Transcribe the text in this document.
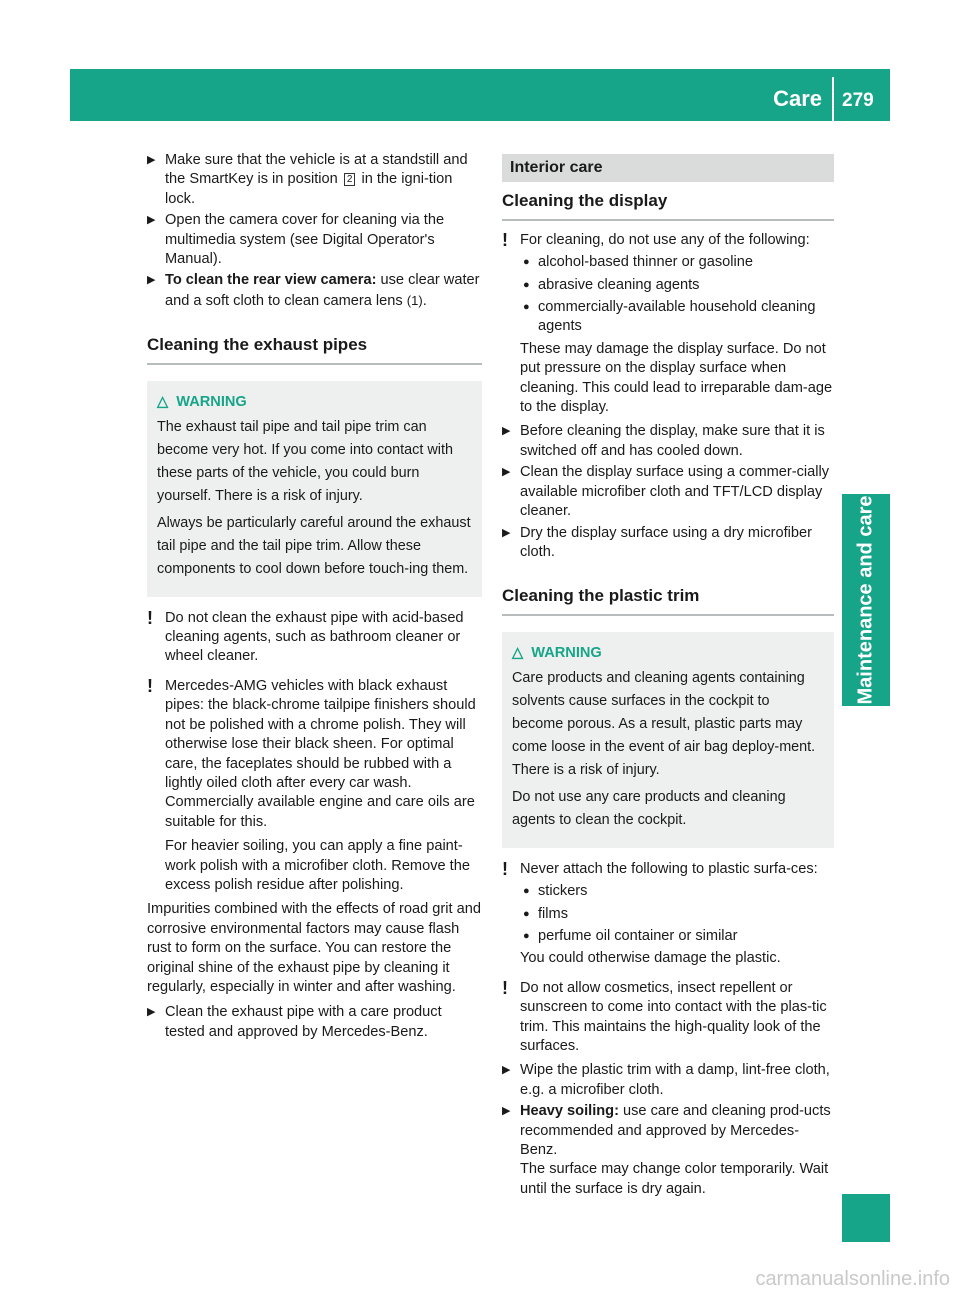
Care 279
Maintenance and care
▶ Make sure that the vehicle is at a standstill and the SmartKey is in position 2 in the igni-tion lock.
▶ Open the camera cover for cleaning via the multimedia system (see Digital Operator's Manual).
▶ To clean the rear view camera: use clear water and a soft cloth to clean camera lens (1).
Cleaning the exhaust pipes
△ WARNING

The exhaust tail pipe and tail pipe trim can become very hot. If you come into contact with these parts of the vehicle, you could burn yourself. There is a risk of injury.

Always be particularly careful around the exhaust tail pipe and the tail pipe trim. Allow these components to cool down before touch-ing them.

! Do not clean the exhaust pipe with acid-based cleaning agents, such as bathroom cleaner or wheel cleaner.

! Mercedes-AMG vehicles with black exhaust pipes: the black-chrome tailpipe finishers should not be polished with a chrome polish. They will otherwise lose their black sheen. For optimal care, the faceplates should be rubbed with a lightly oiled cloth after every car wash. Commercially available engine and care oils are suitable for this.

For heavier soiling, you can apply a fine paint-work polish with a microfiber cloth. Remove the excess polish residue after polishing.

Impurities combined with the effects of road grit and corrosive environmental factors may cause flash rust to form on the surface. You can restore the original shine of the exhaust pipe by cleaning it regularly, especially in winter and after washing.
▶ Clean the exhaust pipe with a care product tested and approved by Mercedes-Benz.
Interior care
Cleaning the display
! For cleaning, do not use any of the following:

● alcohol-based thinner or gasoline
● abrasive cleaning agents
● commercially-available household cleaning agents

These may damage the display surface. Do not put pressure on the display surface when cleaning. This could lead to irreparable dam-age to the display.

▶ Before cleaning the display, make sure that it is switched off and has cooled down.
▶ Clean the display surface using a commer-cially available microfiber cloth and TFT/LCD display cleaner.
▶ Dry the display surface using a dry microfiber cloth.
Cleaning the plastic trim
△ WARNING

Care products and cleaning agents containing solvents cause surfaces in the cockpit to become porous. As a result, plastic parts may come loose in the event of air bag deploy-ment. There is a risk of injury.

Do not use any care products and cleaning agents to clean the cockpit.

! Never attach the following to plastic surfa-ces:

● stickers
● films
● perfume oil container or similar

You could otherwise damage the plastic.

! Do not allow cosmetics, insect repellent or sunscreen to come into contact with the plas-tic trim. This maintains the high-quality look of the surfaces.

▶ Wipe the plastic trim with a damp, lint-free cloth, e.g. a microfiber cloth.
▶ Heavy soiling: use care and cleaning prod-ucts recommended and approved by Mercedes-Benz.
The surface may change color temporarily. Wait until the surface is dry again.
carmanualsonline.info
